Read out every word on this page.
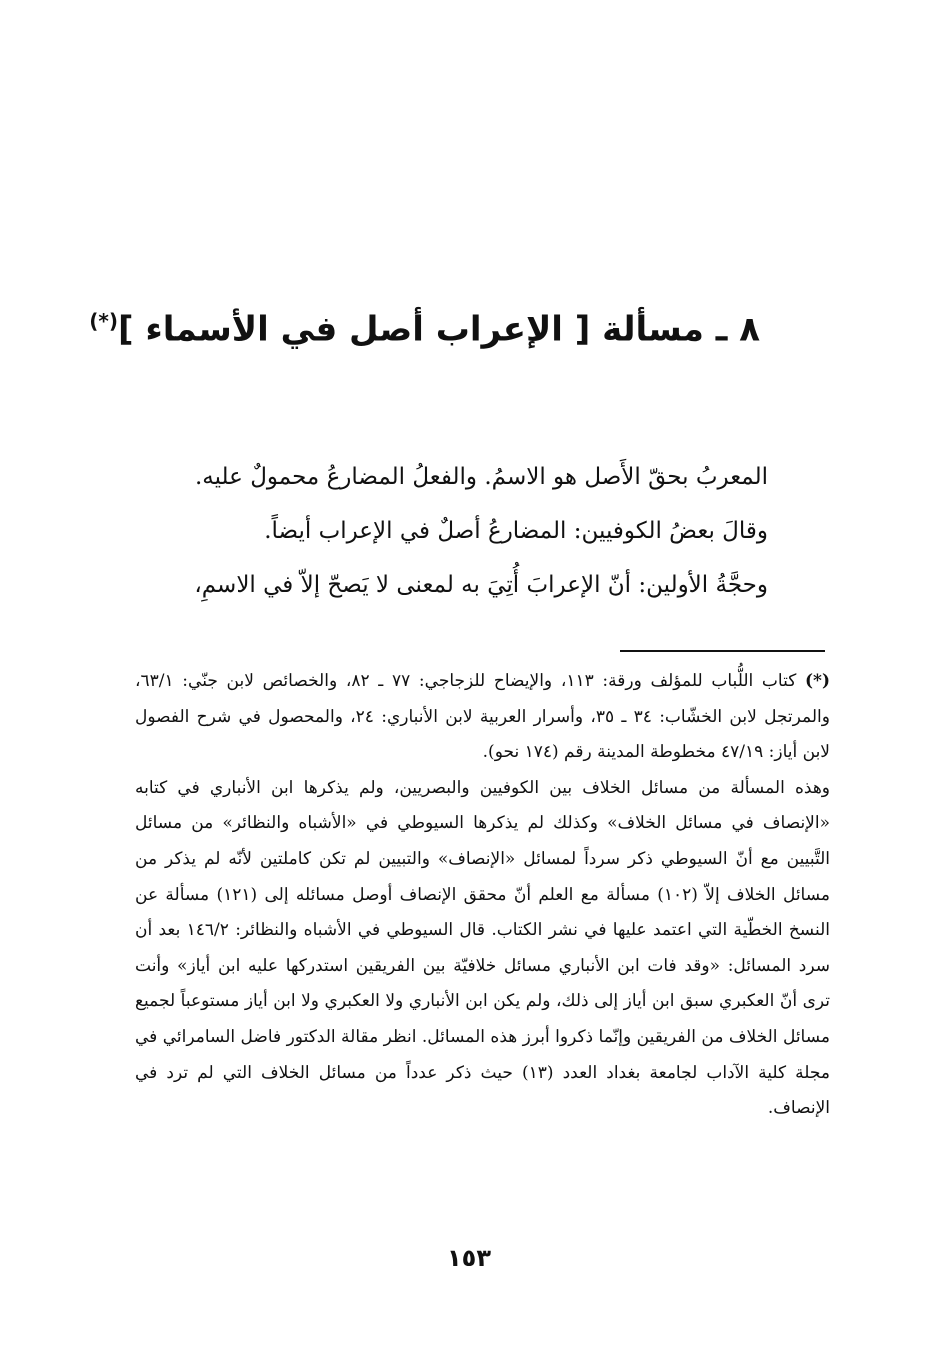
٨ ـ مسألة [ الإعراب أصل في الأسماء ](*)

المعربُ بحقّ الأَصل هو الاسمُ. والفعلُ المضارعُ محمولٌ عليه.

وقالَ بعضُ الكوفيين: المضارعُ أصلٌ في الإعراب أيضاً.

وحجَّةُ الأولين: أنّ الإعرابَ أُتِيَ به لمعنى لا يَصحّ إلاّ في الاسمِ،

(*) كتاب اللُّباب للمؤلف ورقة: ١١٣، والإيضاح للزجاجي: ٧٧ ـ ٨٢، والخصائص لابن جنّي: ٦٣/١، والمرتجل لابن الخشّاب: ٣٤ ـ ٣٥، وأسرار العربية لابن الأنباري: ٢٤، والمحصول في شرح الفصول لابن أياز: ٤٧/١٩ مخطوطة المدينة رقم (١٧٤ نحو).

وهذه المسألة من مسائل الخلاف بين الكوفيين والبصريين، ولم يذكرها ابن الأنباري في كتابه «الإنصاف في مسائل الخلاف» وكذلك لم يذكرها السيوطي في «الأشباه والنظائر» من مسائل التَّبيين مع أنّ السيوطي ذكر سرداً لمسائل «الإنصاف» والتبيين لم تكن كاملتين لأنّه لم يذكر من مسائل الخلاف إلاّ (١٠٢) مسألة مع العلم أنّ محقق الإنصاف أوصل مسائله إلى (١٢١) مسألة عن النسخ الخطّية التي اعتمد عليها في نشر الكتاب. قال السيوطي في الأشباه والنظائر: ١٤٦/٢ بعد أن سرد المسائل: «وقد فات ابن الأنباري مسائل خلافيّة بين الفريقين استدركها عليه ابن أياز» وأنت ترى أنّ العكبري سبق ابن أياز إلى ذلك، ولم يكن ابن الأنباري ولا العكبري ولا ابن أياز مستوعباً لجميع مسائل الخلاف من الفريقين وإنّما ذكروا أبرز هذه المسائل. انظر مقالة الدكتور فاضل السامرائي في مجلة كلية الآداب لجامعة بغداد العدد (١٣) حيث ذكر عدداً من مسائل الخلاف التي لم ترد في الإنصاف.

١٥٣
